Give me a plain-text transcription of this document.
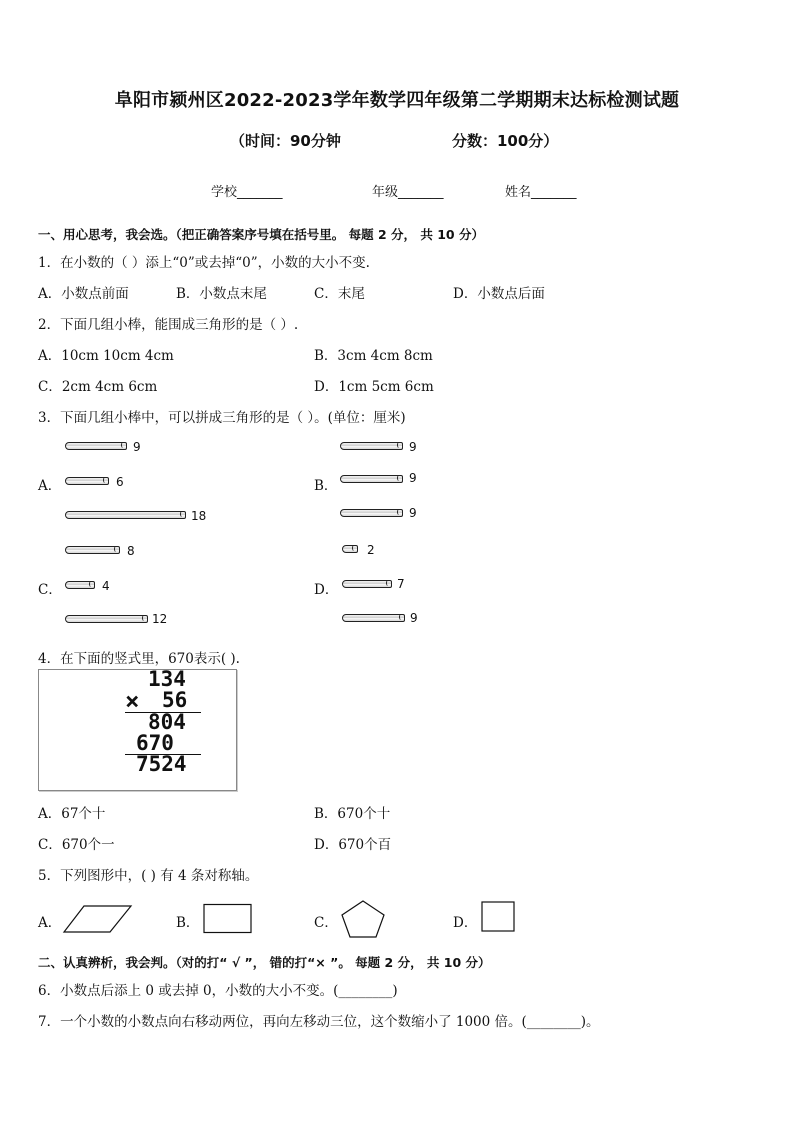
阜阳市颍州区2022-2023学年数学四年级第二学期期末达标检测试题
（时间：90分钟	分数：100分）
学校_______	年级_______	姓名_______
一、用心思考，我会选。（把正确答案序号填在括号里。 每题 2 分， 共 10 分）
1．在小数的（ ）添上“0”或去掉“0”，小数的大小不变.
A．小数点前面	B．小数点末尾	C．末尾	D．小数点后面
2．下面几组小棒，能围成三角形的是（ ）.
A．10cm 10cm 4cm	B．3cm 4cm 8cm
C．2cm 4cm 6cm	D．1cm 5cm 6cm
3．下面几组小棒中，可以拼成三角形的是（ ）。(单位：厘米)
A．
9
6
18
B．
9
9
9
2
C．
8
4
12
D．	7
9
4．在下面的竖式里，670表示( ).
134
× 56
804
670
7524
A．67个十	B．670个十
C．670个一	D．670个百
5．下列图形中，( ) 有 4 条对称轴。
A．	B．	C．	D．
二、认真辨析，我会判。（对的打“ √ ”， 错的打“× ”。 每题 2 分， 共 10 分）
6．小数点后添上 0 或去掉 0，小数的大小不变。(________)
7．一个小数的小数点向右移动两位，再向左移动三位，这个数缩小了 1000 倍。(________)。
